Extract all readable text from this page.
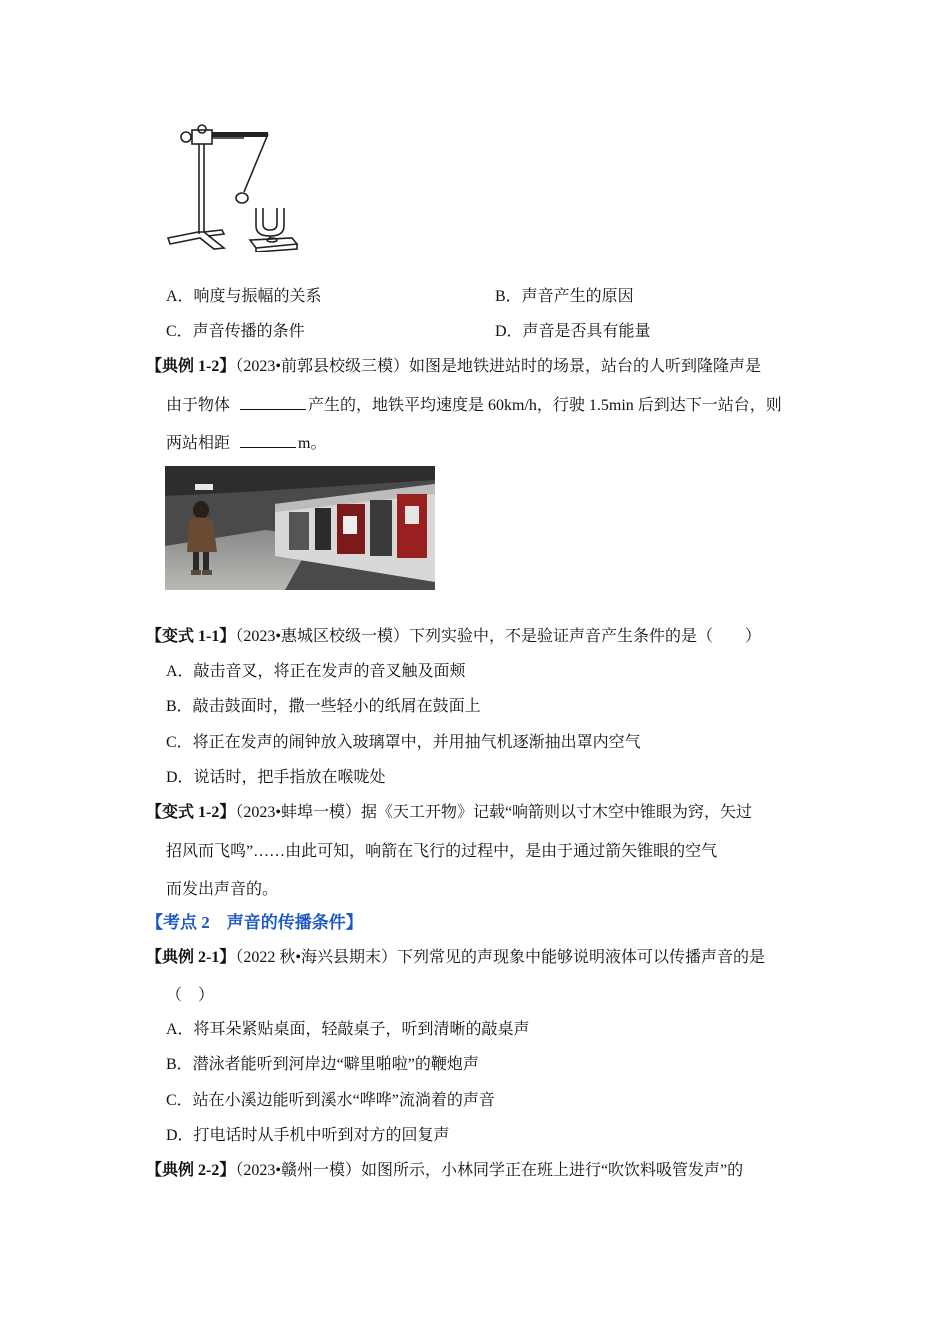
A．响度与振幅的关系	B．声音产生的原因
C．声音传播的条件	D．声音是否具有能量
【典例 1-2】（2023•前郭县校级三模）如图是地铁进站时的场景，站台的人听到隆隆声是
由于物体	产生的，地铁平均速度是 60km/h，行驶 1.5min 后到达下一站台，则
两站相距	m。
【变式 1-1】（2023•惠城区校级一模）下列实验中，不是验证声音产生条件的是（　　）
A．敲击音叉，将正在发声的音叉触及面颊
B．敲击鼓面时，撒一些轻小的纸屑在鼓面上
C．将正在发声的闹钟放入玻璃罩中，并用抽气机逐渐抽出罩内空气
D．说话时，把手指放在喉咙处
【变式 1-2】（2023•蚌埠一模）据《天工开物》记载“响箭则以寸木空中锥眼为窍，矢过
招风而飞鸣”……由此可知，响箭在飞行的过程中，是由于通过箭矢锥眼的空气
而发出声音的。
【考点 2　声音的传播条件】
【典例 2-1】（2022 秋•海兴县期末）下列常见的声现象中能够说明液体可以传播声音的是
（　）
A．将耳朵紧贴桌面，轻敲桌子，听到清晰的敲桌声
B．潜泳者能听到河岸边“噼里啪啦”的鞭炮声
C．站在小溪边能听到溪水“哗哗”流淌着的声音
D．打电话时从手机中听到对方的回复声
【典例 2-2】（2023•赣州一模）如图所示，小林同学正在班上进行“吹饮料吸管发声”的
